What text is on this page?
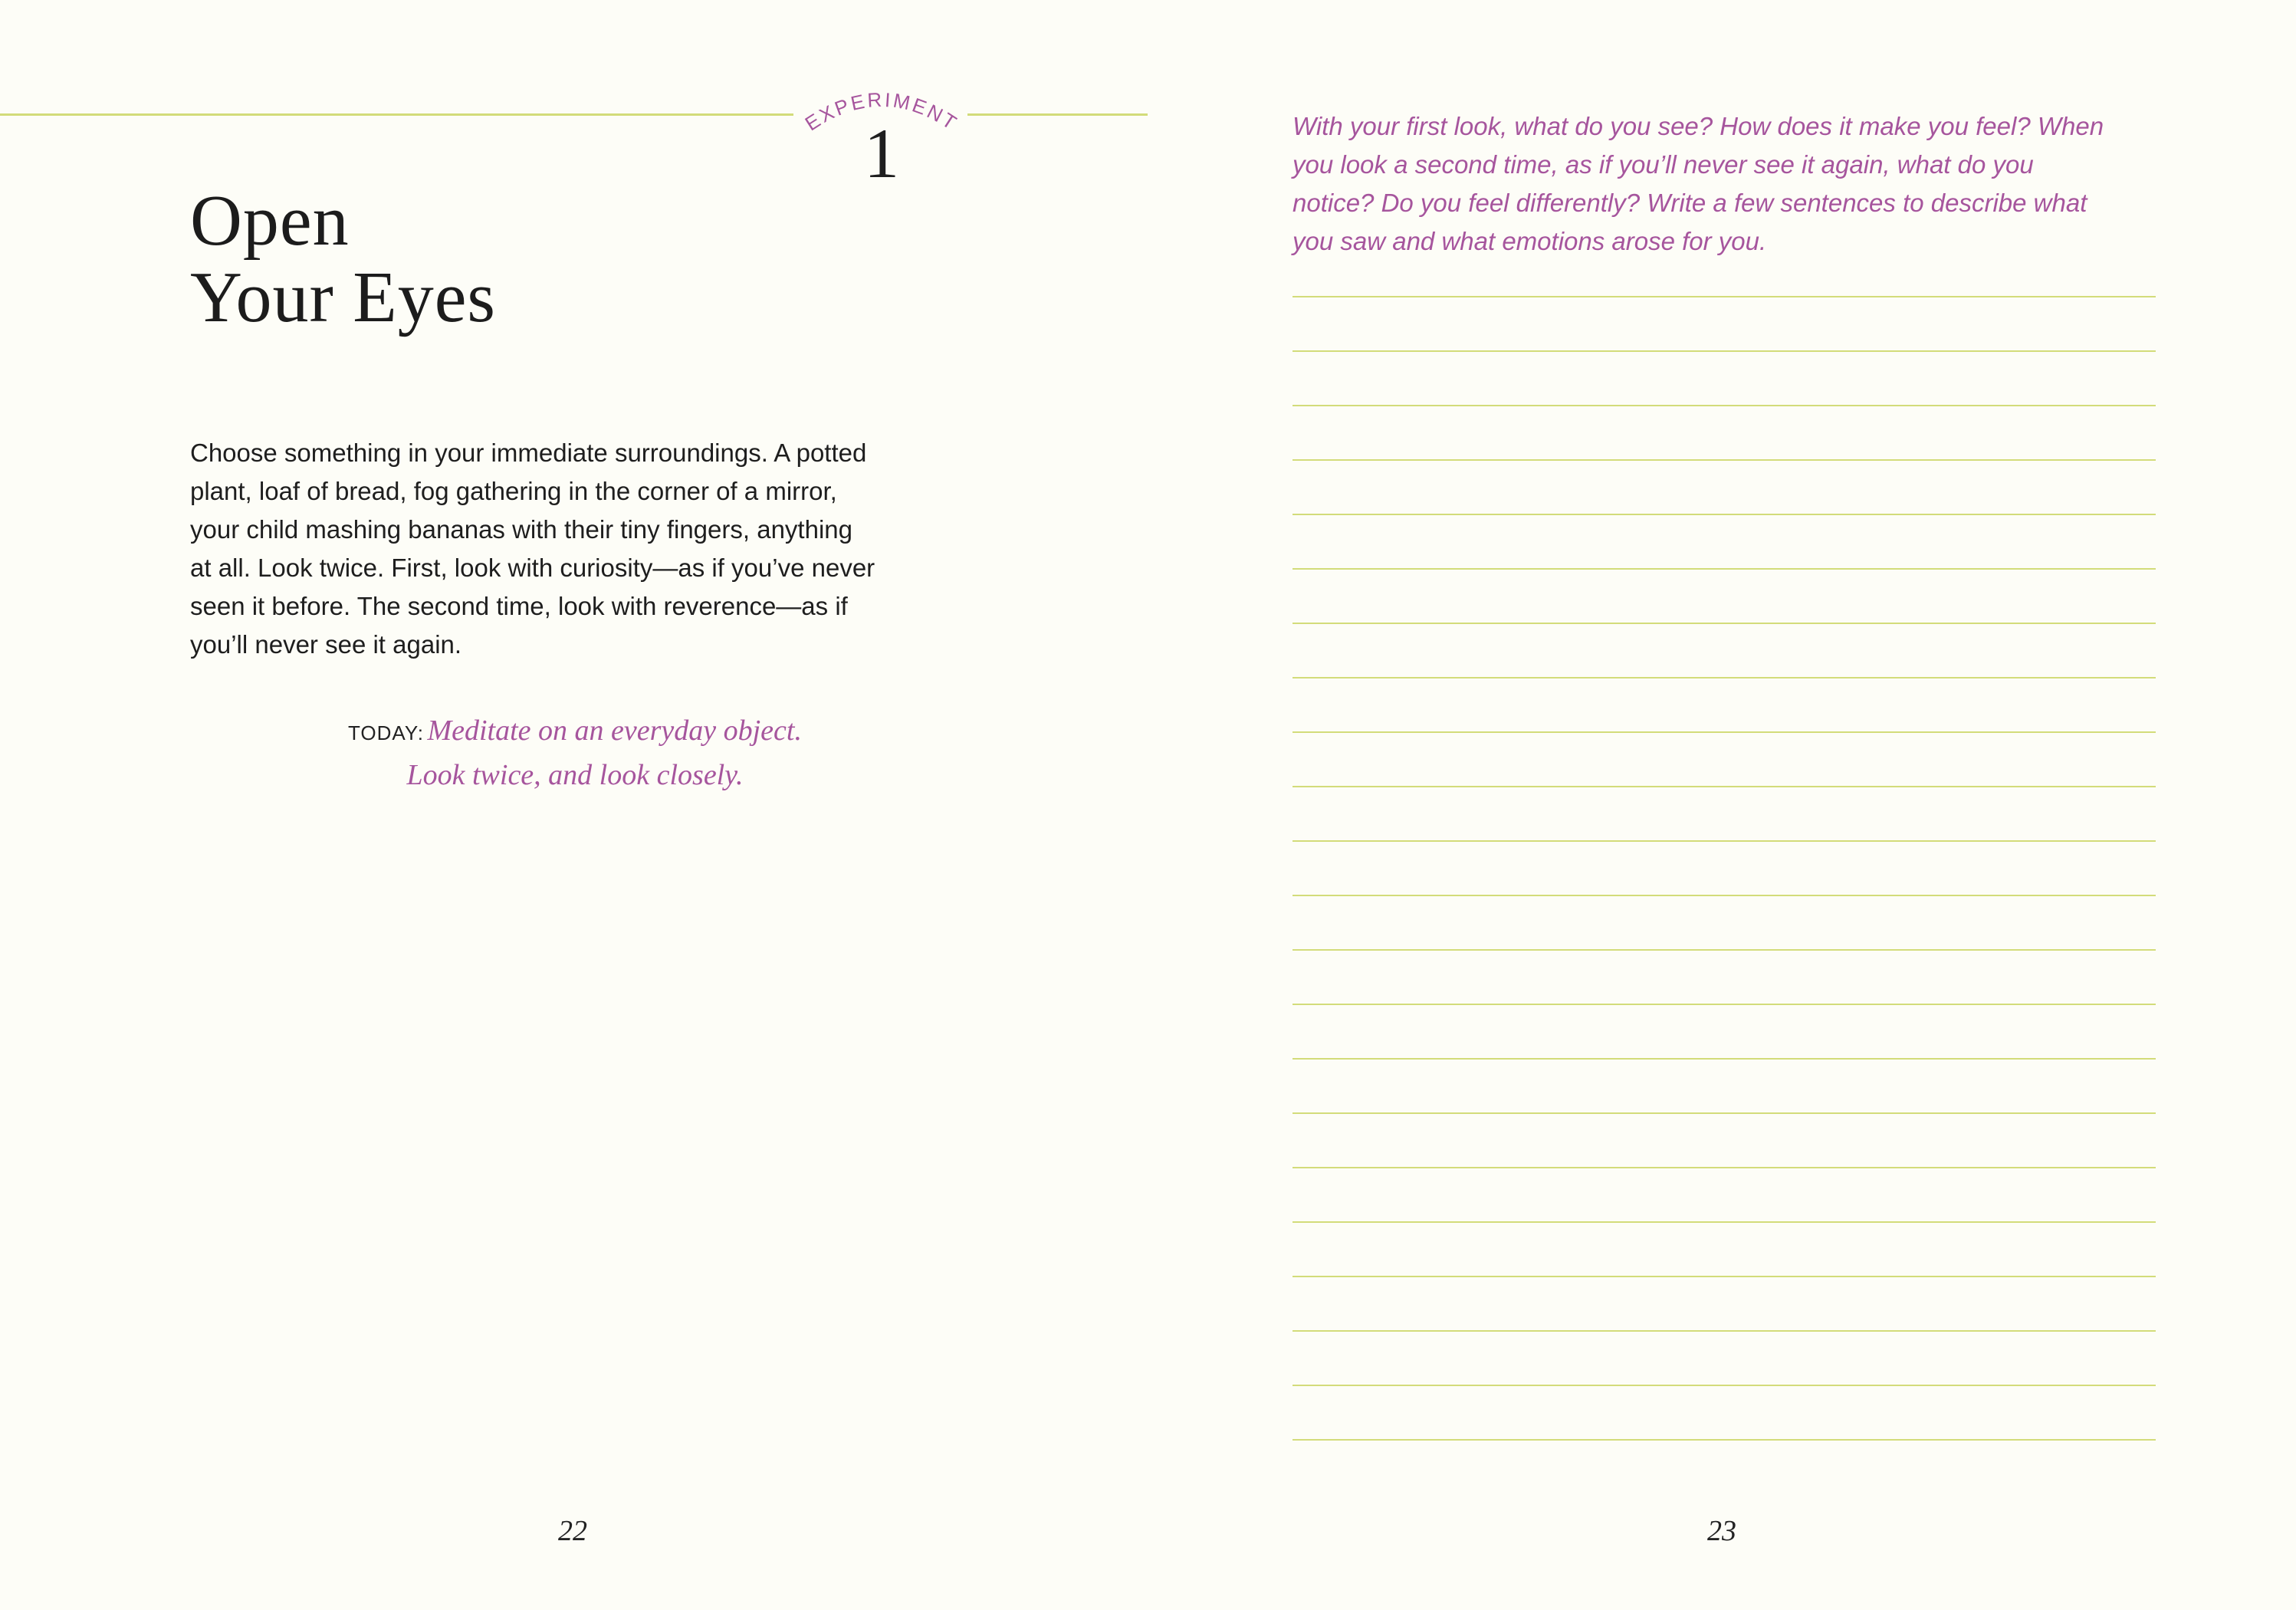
EXPERIMENT
1
Open
Your Eyes
Choose something in your immediate surroundings. A potted
plant, loaf of bread, fog gathering in the corner of a mirror,
your child mashing bananas with their tiny fingers, anything
at all. Look twice. First, look with curiosity—as if you’ve never
seen it before. The second time, look with reverence—as if
you’ll never see it again.
TODAY: Meditate on an everyday object.
Look twice, and look closely.
22
With your first look, what do you see? How does it make you feel? When
you look a second time, as if you’ll never see it again, what do you
notice? Do you feel differently? Write a few sentences to describe what
you saw and what emotions arose for you.
23
